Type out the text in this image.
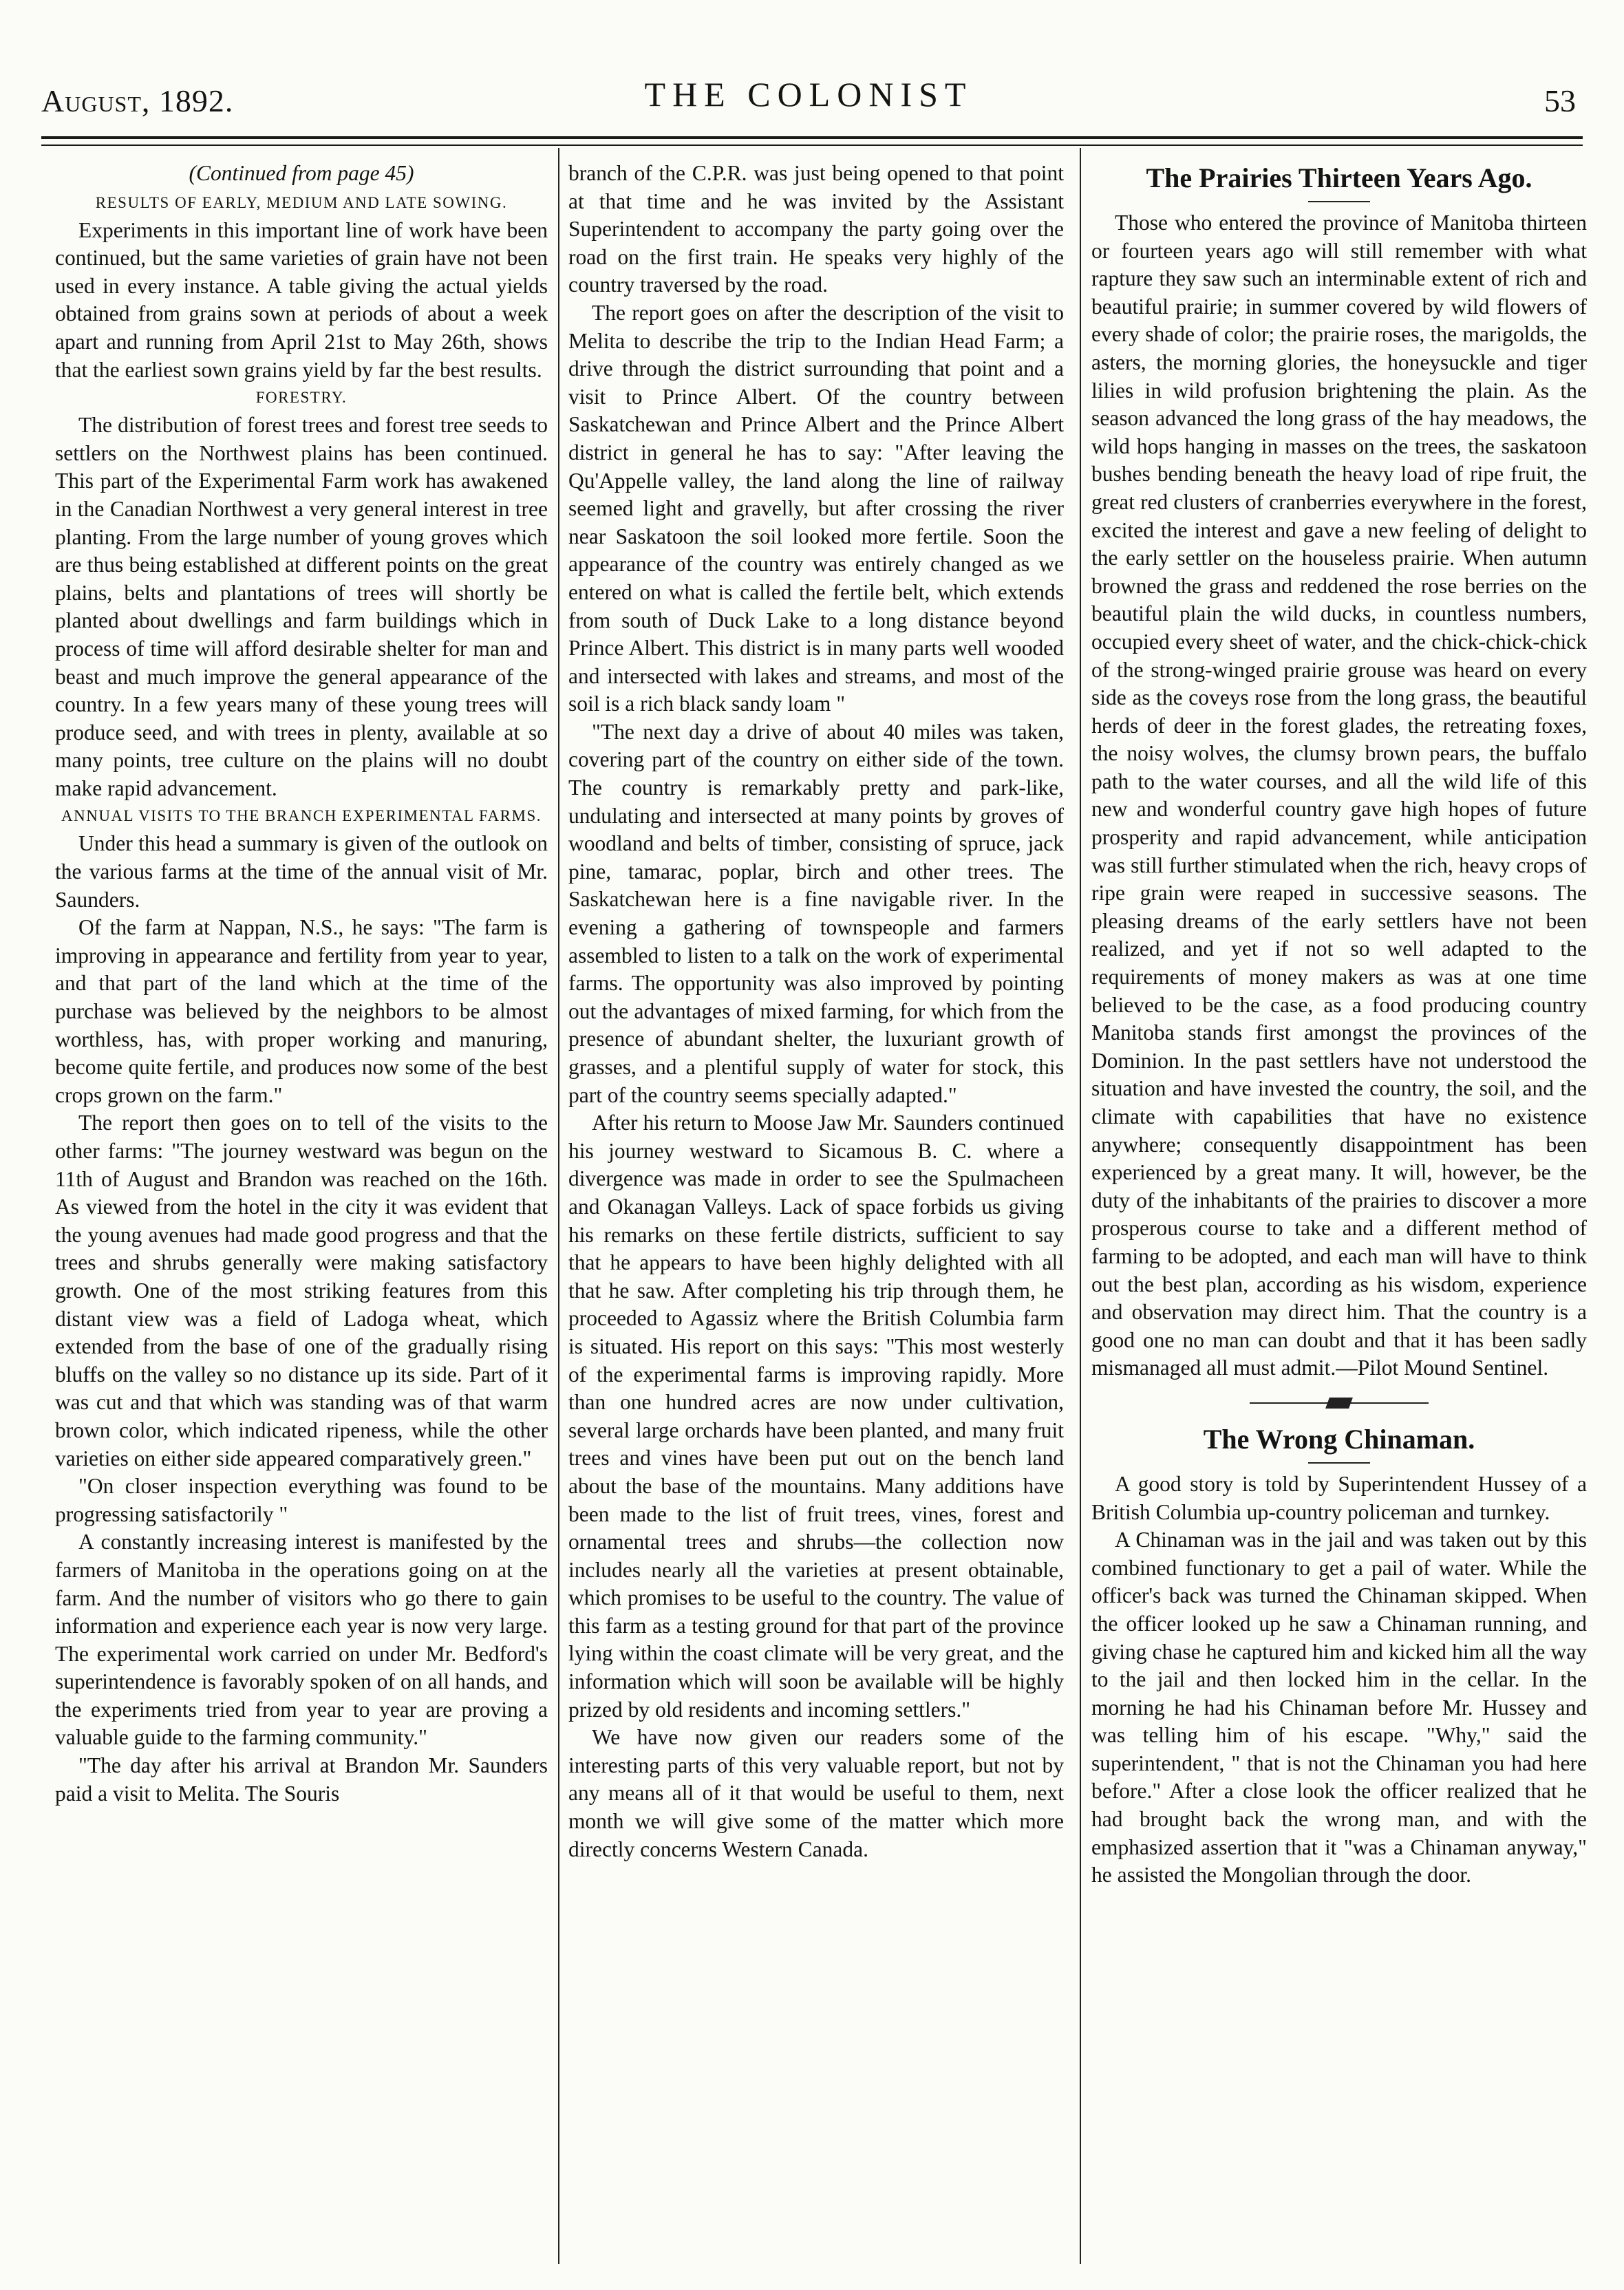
August, 1892.	THE COLONIST	53

(Continued from page 45)

RESULTS OF EARLY, MEDIUM AND LATE SOWING.

Experiments in this important line of work have been continued, but the same varieties of grain have not been used in every instance. A table giving the actual yields obtained from grains sown at periods of about a week apart and running from April 21st to May 26th, shows that the earliest sown grains yield by far the best results.

FORESTRY.

The distribution of forest trees and forest tree seeds to settlers on the Northwest plains has been continued. This part of the Experimental Farm work has awakened in the Canadian Northwest a very general interest in tree planting. From the large number of young groves which are thus being established at different points on the great plains, belts and plantations of trees will shortly be planted about dwellings and farm buildings which in process of time will afford desirable shelter for man and beast and much improve the general appearance of the country. In a few years many of these young trees will produce seed, and with trees in plenty, available at so many points, tree culture on the plains will no doubt make rapid advancement.

ANNUAL VISITS TO THE BRANCH EXPERIMENTAL FARMS.

Under this head a summary is given of the outlook on the various farms at the time of the annual visit of Mr. Saunders.

Of the farm at Nappan, N.S., he says: "The farm is improving in appearance and fertility from year to year, and that part of the land which at the time of the purchase was believed by the neighbors to be almost worthless, has, with proper working and manuring, become quite fertile, and produces now some of the best crops grown on the farm."

The report then goes on to tell of the visits to the other farms: "The journey westward was begun on the 11th of August and Brandon was reached on the 16th. As viewed from the hotel in the city it was evident that the young avenues had made good progress and that the trees and shrubs generally were making satisfactory growth. One of the most striking features from this distant view was a field of Ladoga wheat, which extended from the base of one of the gradually rising bluffs on the valley so no distance up its side. Part of it was cut and that which was standing was of that warm brown color, which indicated ripeness, while the other varieties on either side appeared comparatively green."

"On closer inspection everything was found to be progressing satisfactorily "

A constantly increasing interest is manifested by the farmers of Manitoba in the operations going on at the farm. And the number of visitors who go there to gain information and experience each year is now very large. The experimental work carried on under Mr. Bedford's superintendence is favorably spoken of on all hands, and the experiments tried from year to year are proving a valuable guide to the farming community."

"The day after his arrival at Brandon Mr. Saunders paid a visit to Melita. The Souris

branch of the C.P.R. was just being opened to that point at that time and he was invited by the Assistant Superintendent to accompany the party going over the road on the first train. He speaks very highly of the country traversed by the road.

The report goes on after the description of the visit to Melita to describe the trip to the Indian Head Farm; a drive through the district surrounding that point and a visit to Prince Albert. Of the country between Saskatchewan and Prince Albert and the Prince Albert district in general he has to say: "After leaving the Qu'Appelle valley, the land along the line of railway seemed light and gravelly, but after crossing the river near Saskatoon the soil looked more fertile. Soon the appearance of the country was entirely changed as we entered on what is called the fertile belt, which extends from south of Duck Lake to a long distance beyond Prince Albert. This district is in many parts well wooded and intersected with lakes and streams, and most of the soil is a rich black sandy loam "

"The next day a drive of about 40 miles was taken, covering part of the country on either side of the town. The country is remarkably pretty and park-like, undulating and intersected at many points by groves of woodland and belts of timber, consisting of spruce, jack pine, tamarac, poplar, birch and other trees. The Saskatchewan here is a fine navigable river. In the evening a gathering of townspeople and farmers assembled to listen to a talk on the work of experimental farms. The opportunity was also improved by pointing out the advantages of mixed farming, for which from the presence of abundant shelter, the luxuriant growth of grasses, and a plentiful supply of water for stock, this part of the country seems specially adapted."

After his return to Moose Jaw Mr. Saunders continued his journey westward to Sicamous B. C. where a divergence was made in order to see the Spulmacheen and Okanagan Valleys. Lack of space forbids us giving his remarks on these fertile districts, sufficient to say that he appears to have been highly delighted with all that he saw. After completing his trip through them, he proceeded to Agassiz where the British Columbia farm is situated. His report on this says: "This most westerly of the experimental farms is improving rapidly. More than one hundred acres are now under cultivation, several large orchards have been planted, and many fruit trees and vines have been put out on the bench land about the base of the mountains. Many additions have been made to the list of fruit trees, vines, forest and ornamental trees and shrubs—the collection now includes nearly all the varieties at present obtainable, which promises to be useful to the country. The value of this farm as a testing ground for that part of the province lying within the coast climate will be very great, and the information which will soon be available will be highly prized by old residents and incoming settlers."

We have now given our readers some of the interesting parts of this very valuable report, but not by any means all of it that would be useful to them, next month we will give some of the matter which more directly concerns Western Canada.

The Prairies Thirteen Years Ago.

Those who entered the province of Manitoba thirteen or fourteen years ago will still remember with what rapture they saw such an interminable extent of rich and beautiful prairie; in summer covered by wild flowers of every shade of color; the prairie roses, the marigolds, the asters, the morning glories, the honeysuckle and tiger lilies in wild profusion brightening the plain. As the season advanced the long grass of the hay meadows, the wild hops hanging in masses on the trees, the saskatoon bushes bending beneath the heavy load of ripe fruit, the great red clusters of cranberries everywhere in the forest, excited the interest and gave a new feeling of delight to the early settler on the houseless prairie. When autumn browned the grass and reddened the rose berries on the beautiful plain the wild ducks, in countless numbers, occupied every sheet of water, and the chick-chick-chick of the strong-winged prairie grouse was heard on every side as the coveys rose from the long grass, the beautiful herds of deer in the forest glades, the retreating foxes, the noisy wolves, the clumsy brown pears, the buffalo path to the water courses, and all the wild life of this new and wonderful country gave high hopes of future prosperity and rapid advancement, while anticipation was still further stimulated when the rich, heavy crops of ripe grain were reaped in successive seasons. The pleasing dreams of the early settlers have not been realized, and yet if not so well adapted to the requirements of money makers as was at one time believed to be the case, as a food producing country Manitoba stands first amongst the provinces of the Dominion. In the past settlers have not understood the situation and have invested the country, the soil, and the climate with capabilities that have no existence anywhere; consequently disappointment has been experienced by a great many. It will, however, be the duty of the inhabitants of the prairies to discover a more prosperous course to take and a different method of farming to be adopted, and each man will have to think out the best plan, according as his wisdom, experience and observation may direct him. That the country is a good one no man can doubt and that it has been sadly mismanaged all must admit.—Pilot Mound Sentinel.

The Wrong Chinaman.

A good story is told by Superintendent Hussey of a British Columbia up-country policeman and turnkey.

A Chinaman was in the jail and was taken out by this combined functionary to get a pail of water. While the officer's back was turned the Chinaman skipped. When the officer looked up he saw a Chinaman running, and giving chase he captured him and kicked him all the way to the jail and then locked him in the cellar. In the morning he had his Chinaman before Mr. Hussey and was telling him of his escape. "Why," said the superintendent, " that is not the Chinaman you had here before." After a close look the officer realized that he had brought back the wrong man, and with the emphasized assertion that it "was a Chinaman anyway," he assisted the Mongolian through the door.
